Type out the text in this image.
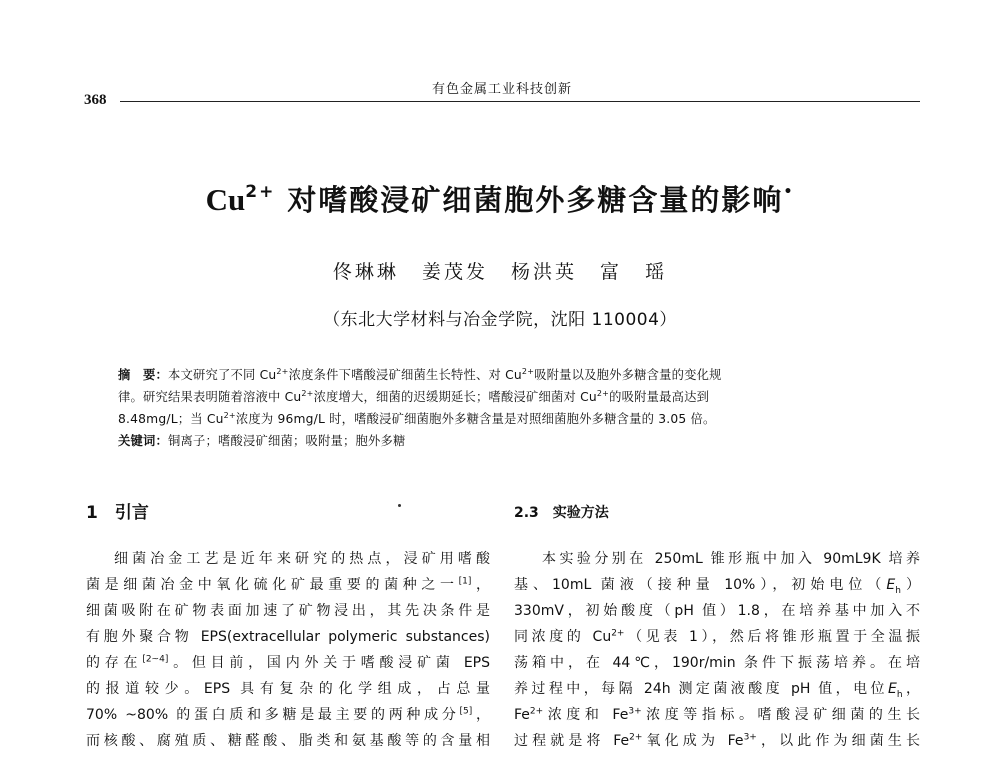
有色金属工业科技创新
368
$Cu^{2+}$ 对嗜酸浸矿细菌胞外多糖含量的影响•
佟琳琳 姜茂发 杨洪英 富 瑶
（东北大学材料与冶金学院，沈阳 110004）

摘　要：本文研究了不同 $Cu^{2+}$浓度条件下嗜酸浸矿细菌生长特性、对 $Cu^{2+}$吸附量以及胞外多糖含量的变化规

律。研究结果表明随着溶液中 $Cu^{2+}$浓度增大，细菌的迟缓期延长；嗜酸浸矿细菌对 $Cu^{2+}$的吸附量最高达到

8.48mg/L；当 $Cu^{2+}$浓度为 96mg/L 时，嗜酸浸矿细菌胞外多糖含量是对照细菌胞外多糖含量的 3.05 倍。

关键词：铜离子；嗜酸浸矿细菌；吸附量；胞外多糖

1　引言

细菌冶金工艺是近年来研究的热点，浸矿用嗜酸

菌是细菌冶金中氧化硫化矿最重要的菌种之一[1]，

细菌吸附在矿物表面加速了矿物浸出，其先决条件是

有胞外聚合物 EPS(extracellular polymeric substances)

的存在[2~4]。但目前，国内外关于嗜酸浸矿菌 EPS

的报道较少。EPS 具有复杂的化学组成，占总量

70% ~80% 的蛋白质和多糖是最主要的两种成分[5]，

而核酸、腐殖质、糖醛酸、脂类和氨基酸等的含量相

2.3　实验方法

本实验分别在 250mL 锥形瓶中加入 90mL9K 培养

基、10mL 菌液（接种量 10%），初始电位$(E_h)$

330mV，初始酸度（pH 值）1.8，在培养基中加入不

同浓度的 $Cu^{2+}$（见表 1），然后将锥形瓶置于全温振

荡箱中，在 44℃，190r/min 条件下振荡培养。在培

养过程中，每隔 24h 测定菌液酸度 pH 值，电位$E_h$，

$Fe^{2+}$浓度和 $Fe^{3+}$浓度等指标。嗜酸浸矿细菌的生长

过程就是将 $Fe^{2+}$氧化成为 $Fe^{3+}$，以此作为细菌生长
